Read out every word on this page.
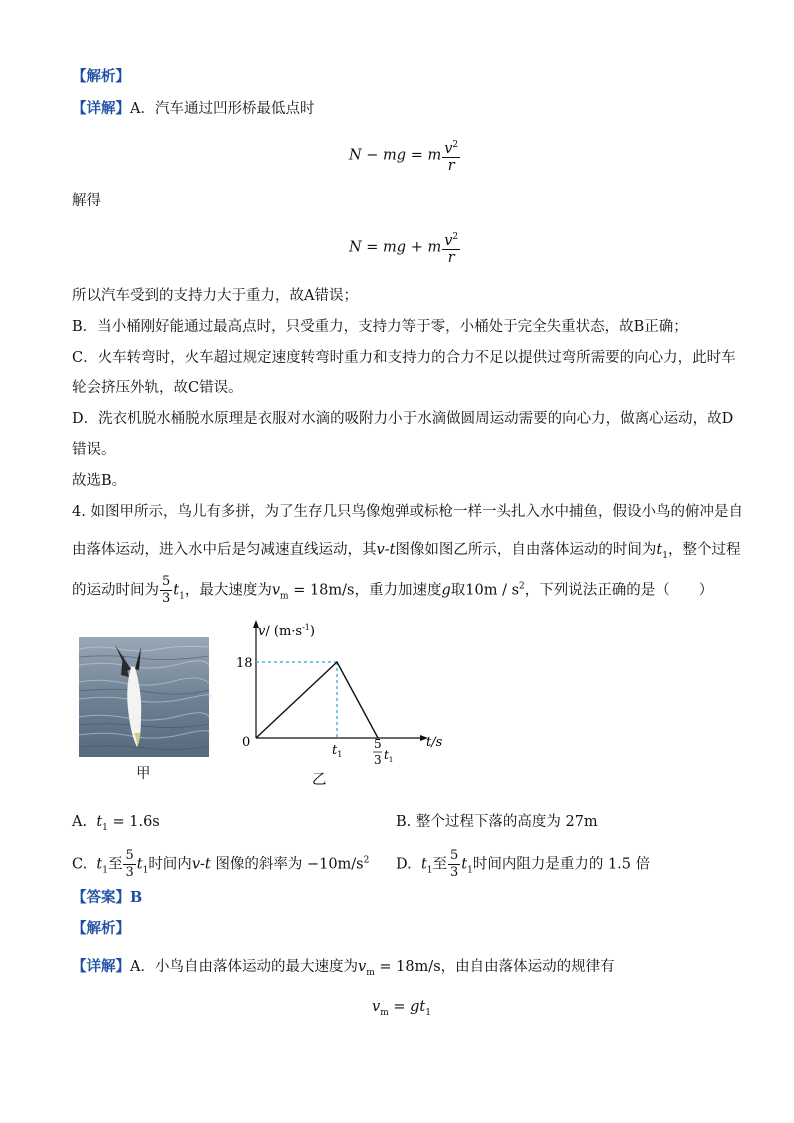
【解析】
【详解】A．汽车通过凹形桥最低点时
N − mg = m $\frac{v^2}{r}$
解得
N = mg + m $\frac{v^2}{r}$
所以汽车受到的支持力大于重力，故A错误；
B．当小桶刚好能通过最高点时，只受重力，支持力等于零，小桶处于完全失重状态，故B正确；
C．火车转弯时，火车超过规定速度转弯时重力和支持力的合力不足以提供过弯所需要的向心力，此时车
轮会挤压外轨，故C错误。
D．洗衣机脱水桶脱水原理是衣服对水滴的吸附力小于水滴做圆周运动需要的向心力，做离心运动，故D
错误。
故选B。
4. 如图甲所示，鸟儿有多拼，为了生存几只鸟像炮弹或标枪一样一头扎入水中捕鱼，假设小鸟的俯冲是自
由落体运动，进入水中后是匀减速直线运动，其v-t图像如图乙所示，自由落体运动的时间为$t_1$，整个过程
的运动时间为 $\frac{5}{3} t_1$，最大速度为$v_m = 18m/s$，重力加速度g取$10m / s^2$，下列说法正确的是（　　）
甲
v/ $(m\cdot s^{-1})$
18
0
$t_1$
5
3 $t_1$
t/s
乙
A. $t_1 = 1.6s$	B. 整个过程下落的高度为 27m
C. $t_1$至 $\frac{5}{3} t_1$时间内v-t 图像的斜率为 $-10m/s^2$	D. $t_1$至 $\frac{5}{3} t_1$时间内阻力是重力的 1.5 倍
【答案】B
【解析】
【详解】A．小鸟自由落体运动的最大速度为$v_m = 18m/s$，由自由落体运动的规律有
$v_m = gt_1$
